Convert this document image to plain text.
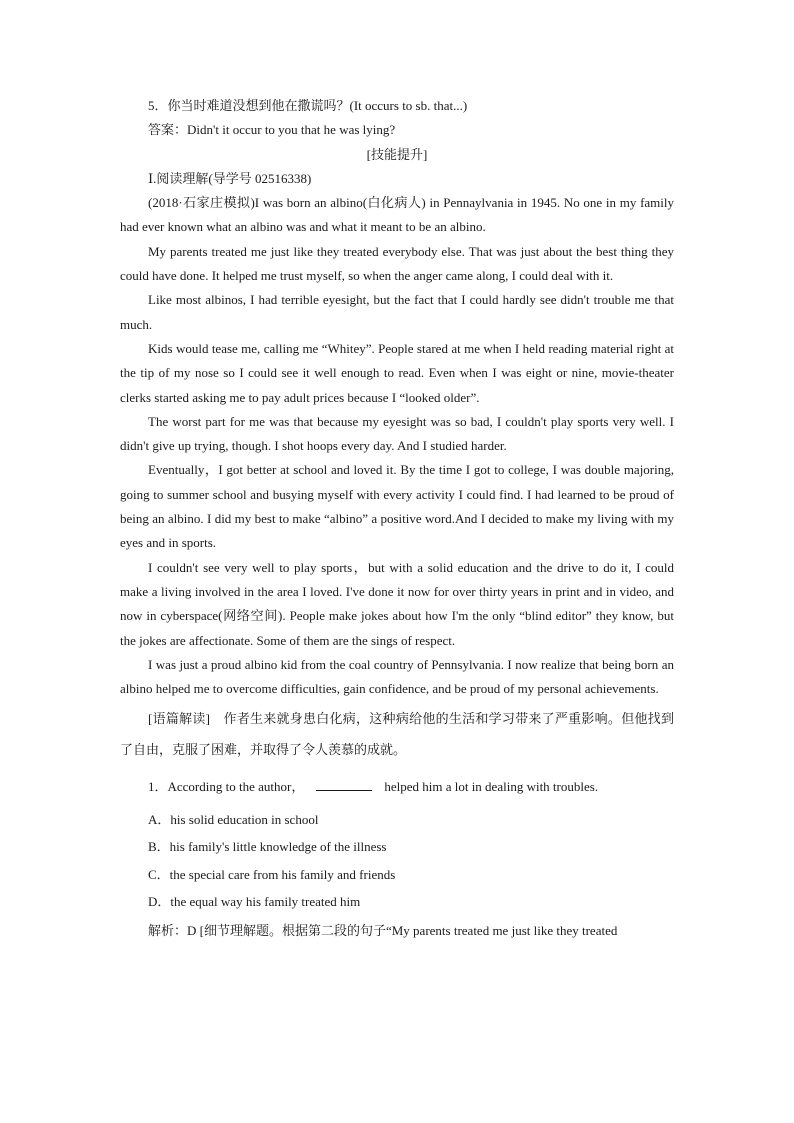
5．你当时难道没想到他在撒谎吗？(It occurs to sb. that...)

答案：Didn't it occur to you that he was lying?

[技能提升]

Ⅰ.阅读理解(导学号 02516338)

(2018·石家庄模拟)I was born an albino(白化病人) in Pennaylvania in 1945. No one in my family had ever known what an albino was and what it meant to be an albino.

My parents treated me just like they treated everybody else. That was just about the best thing they could have done. It helped me trust myself, so when the anger came along, I could deal with it.

Like most albinos, I had terrible eyesight, but the fact that I could hardly see didn't trouble me that much.

Kids would tease me, calling me “Whitey”. People stared at me when I held reading material right at the tip of my nose so I could see it well enough to read. Even when I was eight or nine, movie-theater clerks started asking me to pay adult prices because I “looked older”.

The worst part for me was that because my eyesight was so bad, I couldn't play sports very well. I didn't give up trying, though. I shot hoops every day. And I studied harder.

Eventually，I got better at school and loved it. By the time I got to college, I was double majoring, going to summer school and busying myself with every activity I could find. I had learned to be proud of being an albino. I did my best to make “albino” a positive word.And I decided to make my living with my eyes and in sports.

I couldn't see very well to play sports，but with a solid education and the drive to do it, I could make a living involved in the area I loved. I've done it now for over thirty years in print and in video, and now in cyberspace(网络空间). People make jokes about how I'm the only “blind editor” they know, but the jokes are affectionate. Some of them are the sings of respect.

I was just a proud albino kid from the coal country of Pennsylvania. I now realize that being born an albino helped me to overcome difficulties, gain confidence, and be proud of my personal achievements.

[语篇解读]　 作者生来就身患白化病，这种病给他的生活和学习带来了严重影响。但他找到了自由，克服了困难，并取得了令人羡慕的成就。

1．According to the author，	helped him a lot in dealing with troubles.

A．his solid education in school

B．his family's little knowledge of the illness

C．the special care from his family and friends

D．the equal way his family treated him

解析：D [细节理解题。根据第二段的句子“My parents treated me just like they treated
